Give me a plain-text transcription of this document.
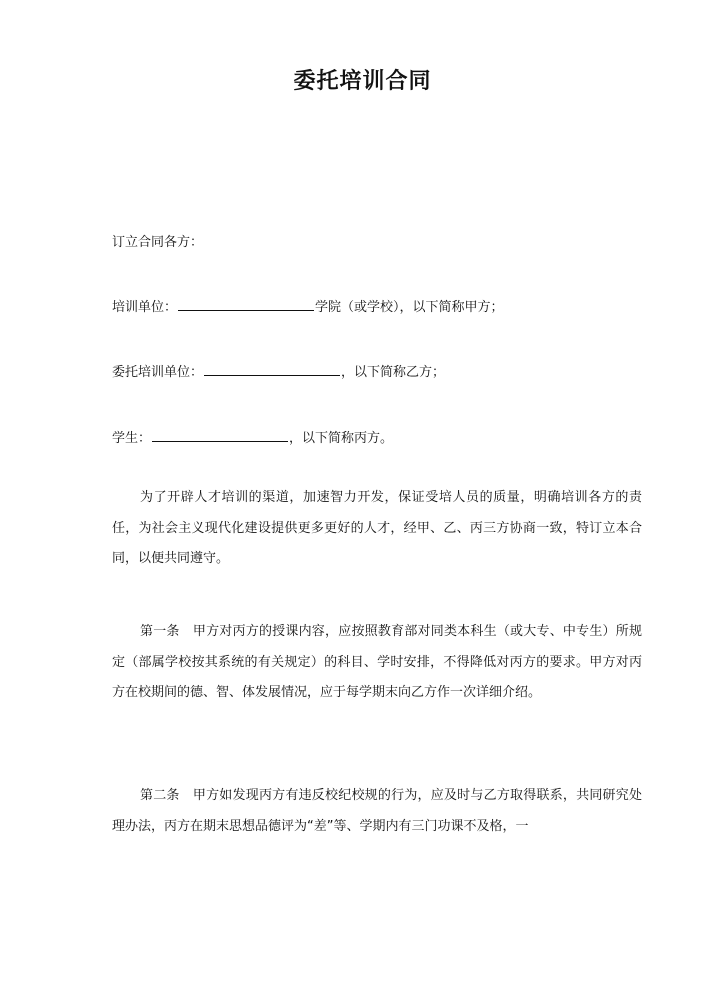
委托培训合同
订立合同各方：
培训单位：	学院（或学校），以下简称甲方；
委托培训单位：	，以下简称乙方；
学生：	，以下简称丙方。
为了开辟人才培训的渠道，加速智力开发，保证受培人员的质量，明确培训各方的责任，为社会主义现代化建设提供更多更好的人才，经甲、乙、丙三方协商一致，特订立本合同，以便共同遵守。
第一条　甲方对丙方的授课内容，应按照教育部对同类本科生（或大专、中专生）所规定（部属学校按其系统的有关规定）的科目、学时安排，不得降低对丙方的要求。甲方对丙方在校期间的德、智、体发展情况，应于每学期末向乙方作一次详细介绍。
第二条　甲方如发现丙方有违反校纪校规的行为，应及时与乙方取得联系，共同研究处理办法，丙方在期末思想品德评为“差”等、学期内有三门功课不及格，一
